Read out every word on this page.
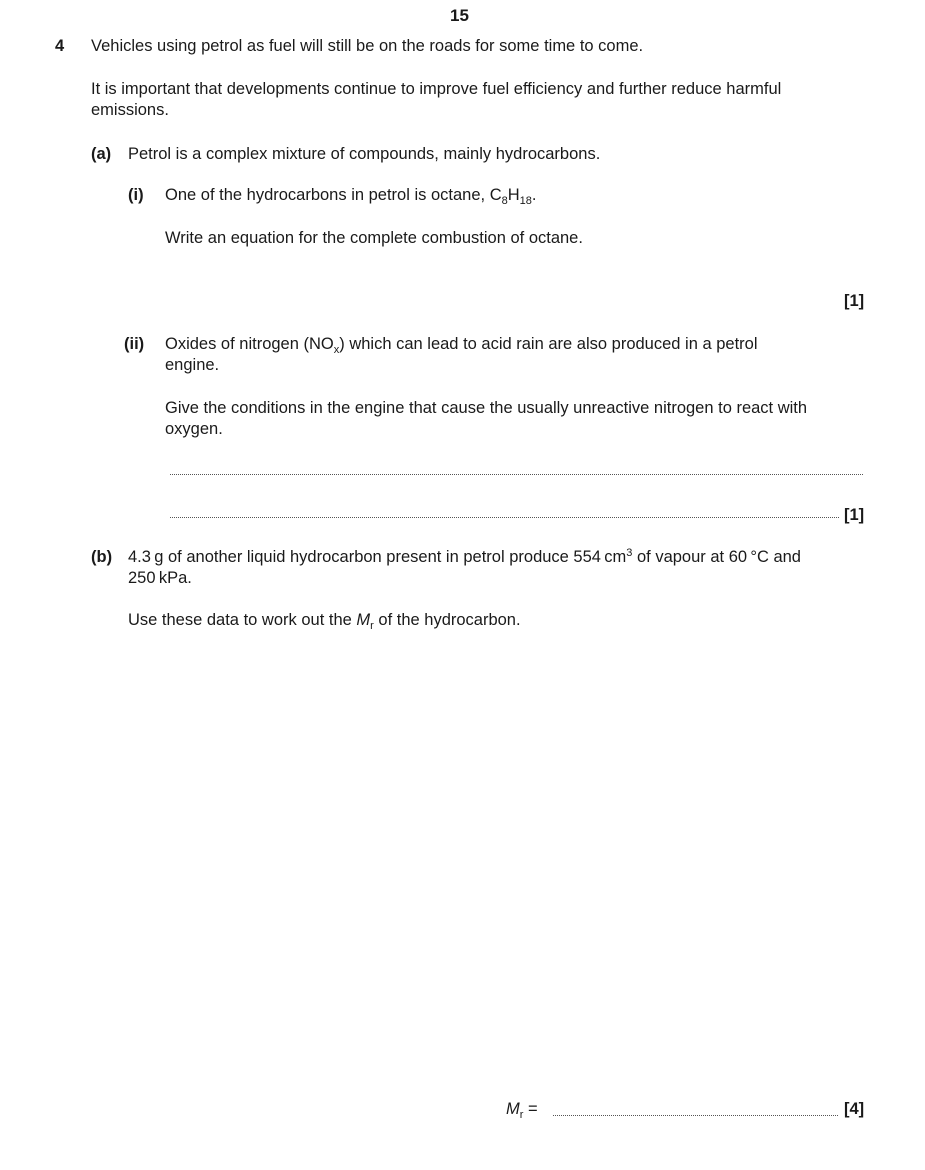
15
4 Vehicles using petrol as fuel will still be on the roads for some time to come.
It is important that developments continue to improve fuel efficiency and further reduce harmful
emissions.
(a) Petrol is a complex mixture of compounds, mainly hydrocarbons.
(i) One of the hydrocarbons in petrol is octane, $C_8H_{18}$.
Write an equation for the complete combustion of octane.
[1]
(ii) Oxides of nitrogen $(NO_x)$ which can lead to acid rain are also produced in a petrol
engine.
Give the conditions in the engine that cause the usually unreactive nitrogen to react with
oxygen.
[1]
(b) 4.3 g of another liquid hydrocarbon present in petrol produce 554 $cm^3$ of vapour at 60 °C and
250 kPa.
Use these data to work out the $M_r$ of the hydrocarbon.
$M_r$ =	[4]
